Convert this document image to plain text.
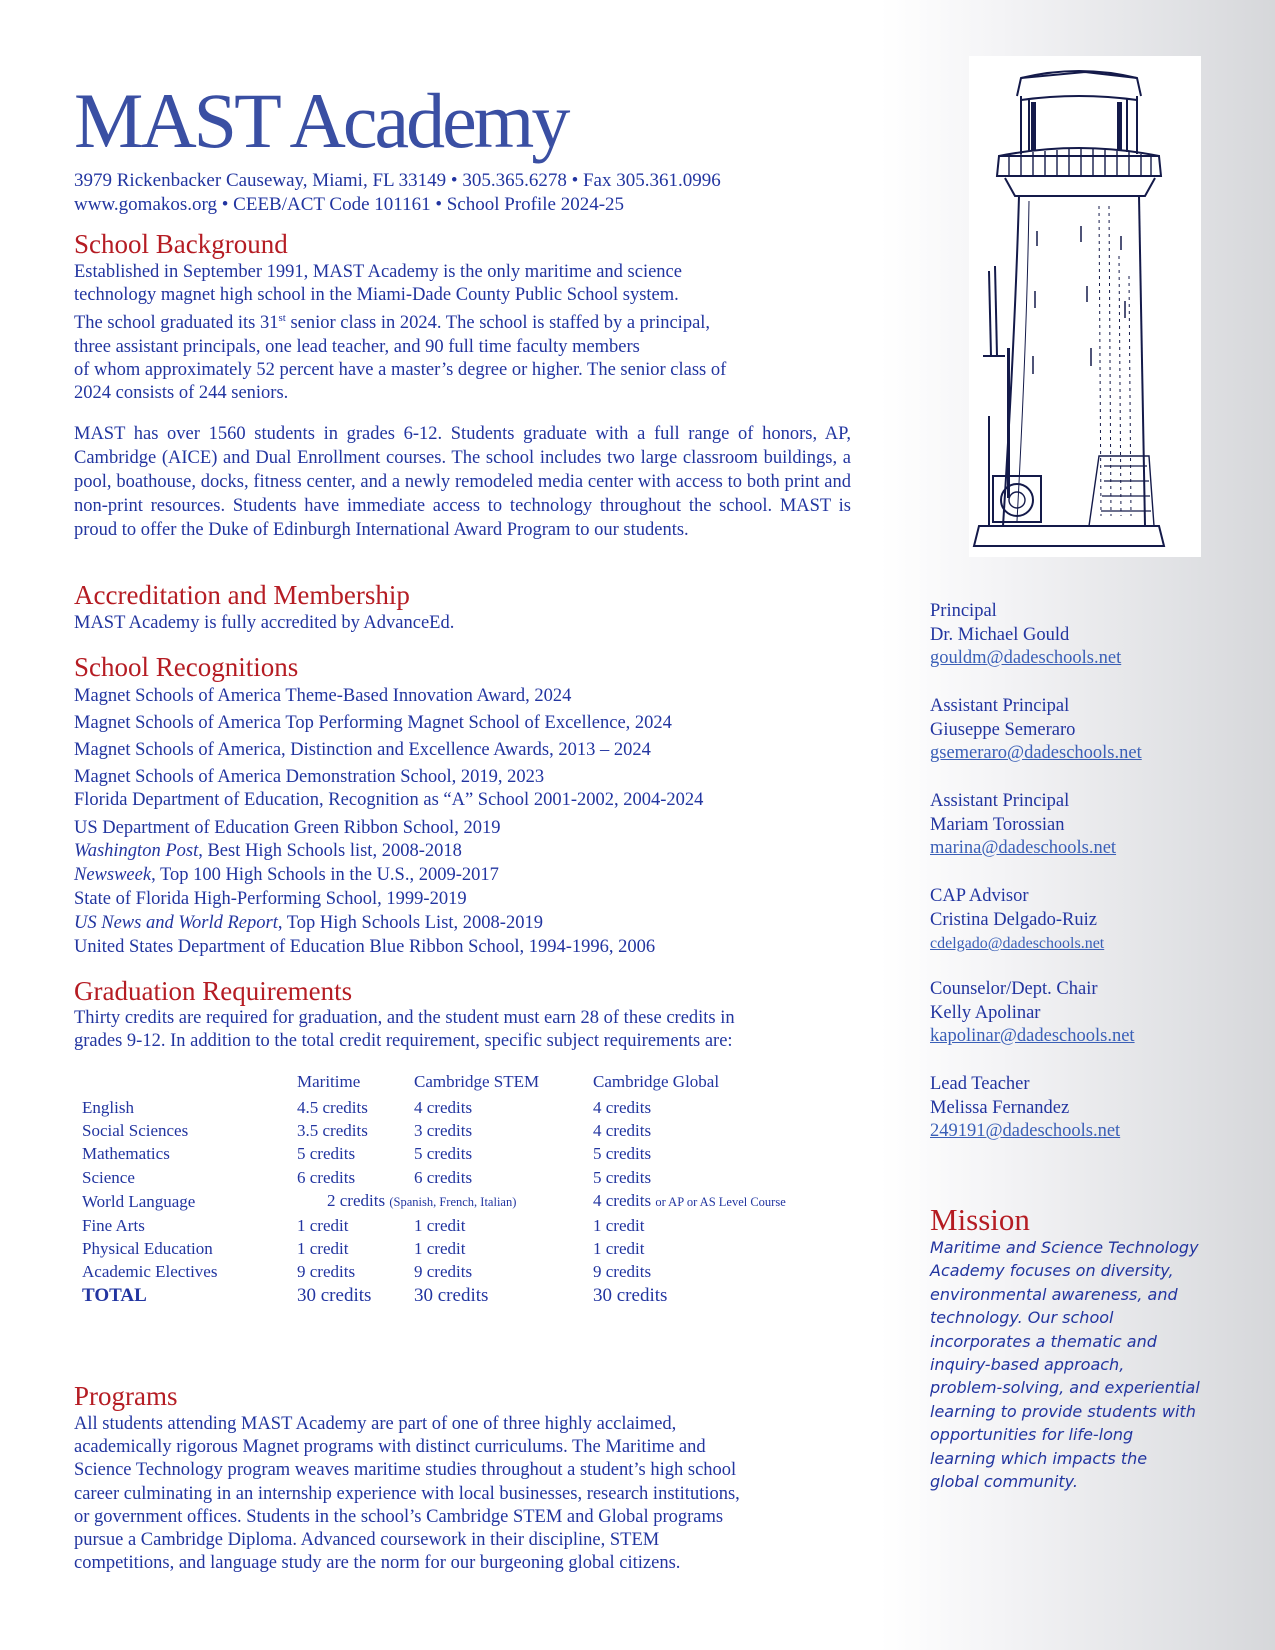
MAST Academy
3979 Rickenbacker Causeway, Miami, FL 33149 • 305.365.6278 • Fax 305.361.0996
www.gomakos.org • CEEB/ACT Code 101161 • School Profile 2024-25
School Background
Established in September 1991, MAST Academy is the only maritime and science
technology magnet high school in the Miami-Dade County Public School system.
The school graduated its 31st senior class in 2024. The school is staffed by a principal,
three assistant principals, one lead teacher, and 90 full time faculty members
of whom approximately 52 percent have a master’s degree or higher. The senior class of
2024 consists of 244 seniors.

MAST has over 1560 students in grades 6-12. Students graduate with a full range of honors, AP, Cambridge (AICE) and Dual Enrollment courses. The school includes two large classroom buildings, a pool, boathouse, docks, fitness center, and a newly remodeled media center with access to both print and non-print resources. Students have immediate access to technology throughout the school. MAST is proud to offer the Duke of Edinburgh International Award Program to our students.

Accreditation and Membership
MAST Academy is fully accredited by AdvanceEd.
School Recognitions
Magnet Schools of America Theme-Based Innovation Award, 2024
Magnet Schools of America Top Performing Magnet School of Excellence, 2024
Magnet Schools of America, Distinction and Excellence Awards, 2013 – 2024
Magnet Schools of America Demonstration School, 2019, 2023
Florida Department of Education, Recognition as “A” School 2001-2002, 2004-2024
US Department of Education Green Ribbon School, 2019
Washington Post, Best High Schools list, 2008-2018
Newsweek, Top 100 High Schools in the U.S., 2009-2017
State of Florida High-Performing School, 1999-2019
US News and World Report, Top High Schools List, 2008-2019
United States Department of Education Blue Ribbon School, 1994-1996, 2006
Graduation Requirements
Thirty credits are required for graduation, and the student must earn 28 of these credits in
grades 9-12. In addition to the total credit requirement, specific subject requirements are:
Maritime	Cambridge STEM	Cambridge Global
English	4.5 credits	4 credits	4 credits
Social Sciences	3.5 credits	3 credits	4 credits
Mathematics	5 credits	5 credits	5 credits
Science	6 credits	6 credits	5 credits
World Language	2 credits (Spanish, French, Italian)		4 credits or AP or AS Level Course
Fine Arts	1 credit	1 credit	1 credit
Physical Education	1 credit	1 credit	1 credit
Academic Electives	9 credits	9 credits	9 credits
TOTAL	30 credits	30 credits	30 credits
Programs
All students attending MAST Academy are part of one of three highly acclaimed,
academically rigorous Magnet programs with distinct curriculums. The Maritime and
Science Technology program weaves maritime studies throughout a student’s high school
career culminating in an internship experience with local businesses, research institutions,
or government offices. Students in the school’s Cambridge STEM and Global programs
pursue a Cambridge Diploma. Advanced coursework in their discipline, STEM
competitions, and language study are the norm for our burgeoning global citizens.
Principal
Dr. Michael Gould
gouldm@dadeschools.net
Assistant Principal
Giuseppe Semeraro
gsemeraro@dadeschools.net
Assistant Principal
Mariam Torossian
marina@dadeschools.net
CAP Advisor
Cristina Delgado-Ruiz
cdelgado@dadeschools.net
Counselor/Dept. Chair
Kelly Apolinar
kapolinar@dadeschools.net
Lead Teacher
Melissa Fernandez
249191@dadeschools.net
Mission

Maritime and Science Technology Academy focuses on diversity, environmental awareness, and technology. Our school incorporates a thematic and inquiry-based approach, problem-solving, and experiential learning to provide students with opportunities for life-long learning which impacts the global community.
